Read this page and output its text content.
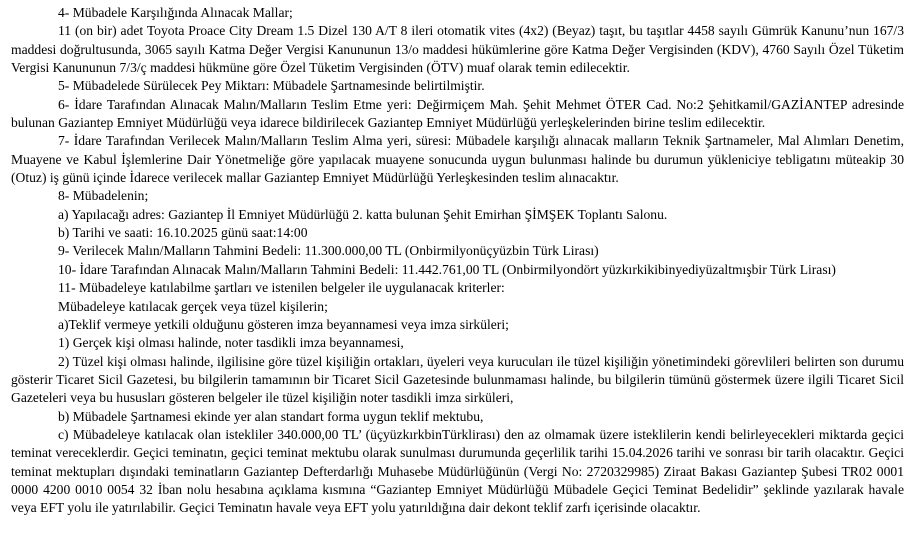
4- Mübadele Karşılığında Alınacak Mallar;

11 (on bir) adet Toyota Proace City Dream 1.5 Dizel 130 A/T 8 ileri otomatik vites (4x2) (Beyaz) taşıt, bu taşıtlar 4458 sayılı Gümrük Kanunu’nun 167/3 maddesi doğrultusunda, 3065 sayılı Katma Değer Vergisi Kanununun 13/o maddesi hükümlerine göre Katma Değer Vergisinden (KDV), 4760 Sayılı Özel Tüketim Vergisi Kanununun 7/3/ç maddesi hükmüne göre Özel Tüketim Vergisinden (ÖTV) muaf olarak temin edilecektir.

5- Mübadelede Sürülecek Pey Miktarı: Mübadele Şartnamesinde belirtilmiştir.

6- İdare Tarafından Alınacak Malın/Malların Teslim Etme yeri: Değirmiçem Mah. Şehit Mehmet ÖTER Cad. No:2 Şehitkamil/GAZİANTEP adresinde bulunan Gaziantep Emniyet Müdürlüğü veya idarece bildirilecek Gaziantep Emniyet Müdürlüğü yerleşkelerinden birine teslim edilecektir.

7- İdare Tarafından Verilecek Malın/Malların Teslim Alma yeri, süresi: Mübadele karşılığı alınacak malların Teknik Şartnameler, Mal Alımları Denetim, Muayene ve Kabul İşlemlerine Dair Yönetmeliğe göre yapılacak muayene sonucunda uygun bulunması halinde bu durumun yükleniciye tebligatını müteakip 30 (Otuz) iş günü içinde İdarece verilecek mallar Gaziantep Emniyet Müdürlüğü Yerleşkesinden teslim alınacaktır.

8- Mübadelenin;

a) Yapılacağı adres: Gaziantep İl Emniyet Müdürlüğü 2. katta bulunan Şehit Emirhan ŞİMŞEK Toplantı Salonu.

b) Tarihi ve saati: 16.10.2025 günü saat:14:00

9- Verilecek Malın/Malların Tahmini Bedeli: 11.300.000,00 TL (Onbirmilyonüçyüzbin Türk Lirası)

10- İdare Tarafından Alınacak Malın/Malların Tahmini Bedeli: 11.442.761,00 TL (Onbirmilyondört yüzkırkikibinyediyüzaltmışbir Türk Lirası)

11- Mübadeleye katılabilme şartları ve istenilen belgeler ile uygulanacak kriterler:

Mübadeleye katılacak gerçek veya tüzel kişilerin;

a)Teklif vermeye yetkili olduğunu gösteren imza beyannamesi veya imza sirküleri;

1) Gerçek kişi olması halinde, noter tasdikli imza beyannamesi,

2) Tüzel kişi olması halinde, ilgilisine göre tüzel kişiliğin ortakları, üyeleri veya kurucuları ile tüzel kişiliğin yönetimindeki görevlileri belirten son durumu gösterir Ticaret Sicil Gazetesi, bu bilgilerin tamamının bir Ticaret Sicil Gazetesinde bulunmaması halinde, bu bilgilerin tümünü göstermek üzere ilgili Ticaret Sicil Gazeteleri veya bu hususları gösteren belgeler ile tüzel kişiliğin noter tasdikli imza sirküleri,

b) Mübadele Şartnamesi ekinde yer alan standart forma uygun teklif mektubu,

c) Mübadeleye katılacak olan istekliler 340.000,00 TL’ (üçyüzkırkbinTürklirası) den az olmamak üzere isteklilerin kendi belirleyecekleri miktarda geçici teminat vereceklerdir. Geçici teminatın, geçici teminat mektubu olarak sunulması durumunda geçerlilik tarihi 15.04.2026 tarihi ve sonrası bir tarih olacaktır. Geçici teminat mektupları dışındaki teminatların Gaziantep Defterdarlığı Muhasebe Müdürlüğünün (Vergi No: 2720329985) Ziraat Bakası Gaziantep Şubesi TR02 0001 0000 4200 0010 0054 32 İban nolu hesabına açıklama kısmına “Gaziantep Emniyet Müdürlüğü Mübadele Geçici Teminat Bedelidir” şeklinde yazılarak havale veya EFT yolu ile yatırılabilir. Geçici Teminatın havale veya EFT yolu yatırıldığına dair dekont teklif zarfı içerisinde olacaktır.
